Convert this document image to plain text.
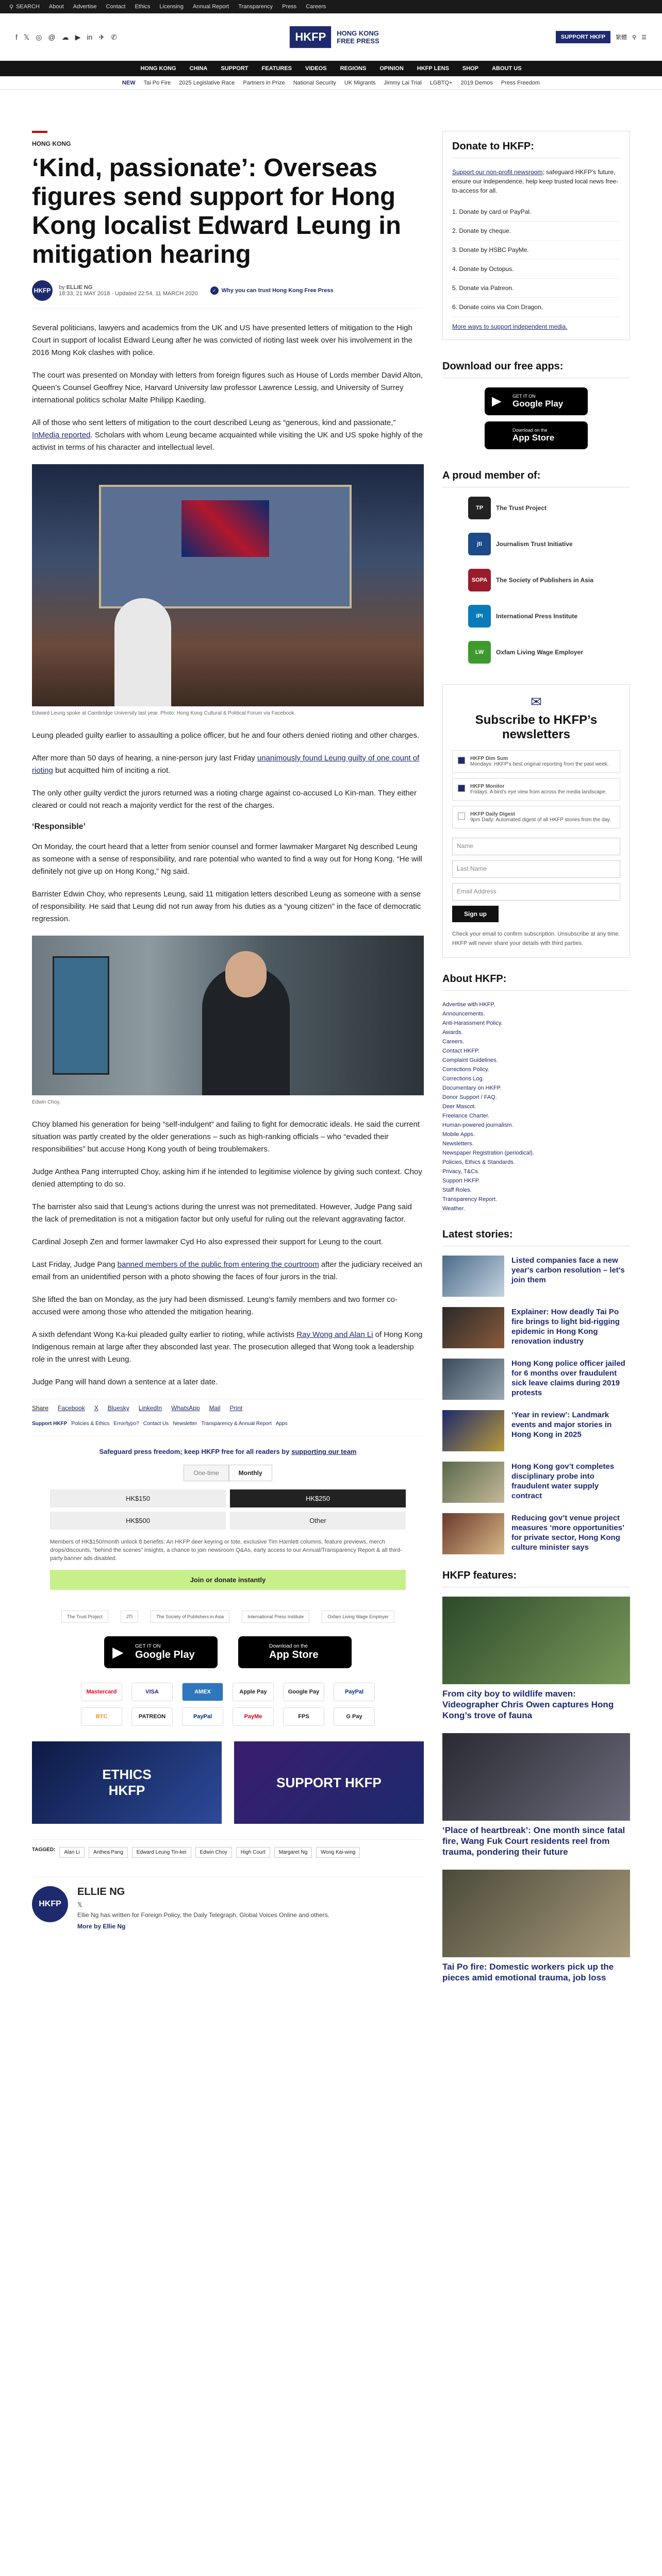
⚲ SEARCH About Advertise Contact Ethics Licensing Annual Report Transparency Press Careers
f 𝕏 ◎ @ ☁ ▶ in ✈ ✆	HKFP	HONG KONG FREE PRESS	SUPPORT HKFP	繁體 ⚲ ☰
HONG KONG CHINA SUPPORT FEATURES VIDEOS REGIONS OPINION HKFP LENS SHOP ABOUT US
NEW Tai Po Fire 2025 Legislative Race Partners in Prize National Security UK Migrants Jimmy Lai Trial LGBTQ+ 2019 Demos Press Freedom
HONG KONG
‘Kind, passionate’: Overseas figures send support for Hong Kong localist Edward Leung in mitigation hearing
HKFP	by ELLIE NG
18:33, 21 MAY 2018 · Updated 22:54, 11 MARCH 2020	✓ Why you can trust Hong Kong Free Press

Several politicians, lawyers and academics from the UK and US have presented letters of mitigation to the High Court in support of localist Edward Leung after he was convicted of rioting last week over his involvement in the 2016 Mong Kok clashes with police.

The court was presented on Monday with letters from foreign figures such as House of Lords member David Alton, Queen’s Counsel Geoffrey Nice, Harvard University law professor Lawrence Lessig, and University of Surrey international politics scholar Malte Philipp Kaeding.

All of those who sent letters of mitigation to the court described Leung as “generous, kind and passionate,” InMedia reported. Scholars with whom Leung became acquainted while visiting the UK and US spoke highly of the activist in terms of his character and intellectual level.

Edward Leung spoke at Cambridge University last year. Photo: Hong Kong Cultural & Political Forum via Facebook.

Leung pleaded guilty earlier to assaulting a police officer, but he and four others denied rioting and other charges.

After more than 50 days of hearing, a nine-person jury last Friday unanimously found Leung guilty of one count of rioting but acquitted him of inciting a riot.

The only other guilty verdict the jurors returned was a rioting charge against co-accused Lo Kin-man. They either cleared or could not reach a majority verdict for the rest of the charges.

‘Responsible’

On Monday, the court heard that a letter from senior counsel and former lawmaker Margaret Ng described Leung as someone with a sense of responsibility, and rare potential who wanted to find a way out for Hong Kong. “He will definitely not give up on Hong Kong,” Ng said.

Barrister Edwin Choy, who represents Leung, said 11 mitigation letters described Leung as someone with a sense of responsibility. He said that Leung did not run away from his duties as a “young citizen” in the face of democratic regression.

Edwin Choy.

Choy blamed his generation for being “self-indulgent” and failing to fight for democratic ideals. He said the current situation was partly created by the older generations – such as high-ranking officials – who “evaded their responsibilities” but accuse Hong Kong youth of being troublemakers.

Judge Anthea Pang interrupted Choy, asking him if he intended to legitimise violence by giving such context. Choy denied attempting to do so.

The barrister also said that Leung’s actions during the unrest was not premeditated. However, Judge Pang said the lack of premeditation is not a mitigation factor but only useful for ruling out the relevant aggravating factor.

Cardinal Joseph Zen and former lawmaker Cyd Ho also expressed their support for Leung to the court.

Last Friday, Judge Pang banned members of the public from entering the courtroom after the judiciary received an email from an unidentified person with a photo showing the faces of four jurors in the trial.

She lifted the ban on Monday, as the jury had been dismissed. Leung’s family members and two former co-accused were among those who attended the mitigation hearing.

A sixth defendant Wong Ka-kui pleaded guilty earlier to rioting, while activists Ray Wong and Alan Li of Hong Kong Indigenous remain at large after they absconded last year. The prosecution alleged that Wong took a leadership role in the unrest with Leung.

Judge Pang will hand down a sentence at a later date.

Share Facebook X Bluesky LinkedIn WhatsApp Mail Print
Support HKFP Policies & Ethics Error/typo? Contact Us Newsletter Transparency & Annual Report Apps
Safeguard press freedom; keep HKFP free for all readers by supporting our team
One-time	Monthly
HK$150	HK$250
HK$500	Other
Members of HK$150/month unlock 8 benefits: An HKFP deer keyring or tote, exclusive Tim Hamlett columns, feature previews, merch drops/discounts, “behind the scenes” insights, a chance to join newsroom Q&As, early access to our Annual/Transparency Report & all third-party banner ads disabled.
Join or donate instantly
The Trust Project	JTI	The Society of Publishers in Asia	International Press Institute	Oxfam Living Wage Employer
▶ GET IT ON
Google Play
Download on the
App Store
Mastercard	VISA	AMEX	Apple Pay	Google Pay	PayPal
BTC	PATREON	PayPal	PayMe	FPS	G Pay
ETHICS
HKFP
SUPPORT HKFP
TAGGED:	Alan Li	Anthea Pang	Edward Leung Tin-kei	Edwin Choy	High Court	Margaret Ng	Wong Kai-wing
HKFP
ELLIE NG
𝕏
Ellie Ng has written for Foreign Policy, the Daily Telegraph, Global Voices Online and others.
More by Ellie Ng
Donate to HKFP:

Support our non-profit newsroom; safeguard HKFP's future, ensure our independence, help keep trusted local news free-to-access for all.

1. Donate by card or PayPal.
2. Donate by cheque.
3. Donate by HSBC PayMe.
4. Donate by Octopus.
5. Donate via Patreon.
6. Donate coins via Coin Dragon.
More ways to support independent media.
Download our free apps:
▶ GET IT ON
Google Play
Download on the
App Store
A proud member of:
TP	The Trust Project
jti	Journalism Trust Initiative
SOPA	The Society of Publishers in Asia
IPI	International Press Institute
LW	Oxfam Living Wage Employer
✉
Subscribe to HKFP’s newsletters
HKFP Dim Sum
Mondays: HKFP's best original reporting from the past week.
HKFP Monitor
Fridays: A bird's eye view from across the media landscape.
HKFP Daily Digest
9pm Daily: Automated digest of all HKFP stories from the day.
Name
Last Name
Email Address
Sign up

Check your email to confirm subscription. Unsubscribe at any time. HKFP will never share your details with third parties.

About HKFP:
Advertise with HKFP.
Announcements.
Anti-Harassment Policy.
Awards.
Careers.
Contact HKFP.
Complaint Guidelines.
Corrections Policy.
Corrections Log.
Documentary on HKFP.
Donor Support / FAQ.
Deer Mascot.
Freelance Charter.
Human-powered journalism.
Mobile Apps.
Newsletters.
Newspaper Registration (periodical).
Policies, Ethics & Standards.
Privacy, T&Cs.
Support HKFP.
Staff Roles.
Transparency Report.
Weather.
Latest stories:
Listed companies face a new year's carbon resolution – let's join them
Explainer: How deadly Tai Po fire brings to light bid-rigging epidemic in Hong Kong renovation industry
Hong Kong police officer jailed for 6 months over fraudulent sick leave claims during 2019 protests
‘Year in review’: Landmark events and major stories in Hong Kong in 2025
Hong Kong gov’t completes disciplinary probe into fraudulent water supply contract
Reducing gov’t venue project measures ‘more opportunities’ for private sector, Hong Kong culture minister says
HKFP features:
From city boy to wildlife maven: Videographer Chris Owen captures Hong Kong’s trove of fauna
‘Place of heartbreak’: One month since fatal fire, Wang Fuk Court residents reel from trauma, pondering their future
Tai Po fire: Domestic workers pick up the pieces amid emotional trauma, job loss
